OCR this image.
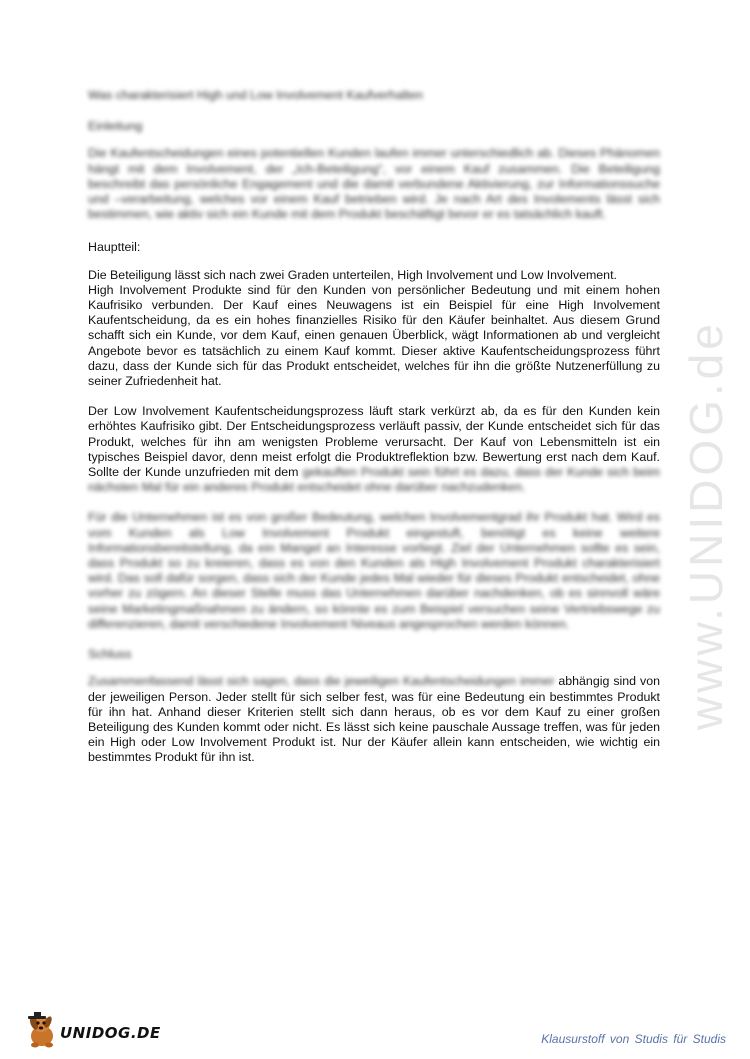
www.UNIDOG.de

Was charakterisiert High und Low Involvement Kaufverhalten

Einleitung

Die Kaufentscheidungen eines potentiellen Kunden laufen immer unterschiedlich ab. Dieses Phänomen hängt mit dem Involvement, der „Ich-Beteiligung“, vor einem Kauf zusammen. Die Beteiligung beschreibt das persönliche Engagement und die damit verbundene Aktivierung, zur Informationssuche und –verarbeitung, welches vor einem Kauf betrieben wird. Je nach Art des Involements lässt sich bestimmen, wie aktiv sich ein Kunde mit dem Produkt beschäftigt bevor er es tatsächlich kauft.

Hauptteil:

Die Beteiligung lässt sich nach zwei Graden unterteilen, High Involvement und Low Involvement.

High Involvement Produkte sind für den Kunden von persönlicher Bedeutung und mit einem hohen Kaufrisiko verbunden. Der Kauf eines Neuwagens ist ein Beispiel für eine High Involvement Kaufentscheidung, da es ein hohes finanzielles Risiko für den Käufer beinhaltet. Aus diesem Grund schafft sich ein Kunde, vor dem Kauf, einen genauen Überblick, wägt Informationen ab und vergleicht Angebote bevor es tatsächlich zu einem Kauf kommt. Dieser aktive Kaufentscheidungsprozess führt dazu, dass der Kunde sich für das Produkt entscheidet, welches für ihn die größte Nutzenerfüllung zu seiner Zufriedenheit hat.

Der Low Involvement Kaufentscheidungsprozess läuft stark verkürzt ab, da es für den Kunden kein erhöhtes Kaufrisiko gibt. Der Entscheidungsprozess verläuft passiv, der Kunde entscheidet sich für das Produkt, welches für ihn am wenigsten Probleme verursacht. Der Kauf von Lebensmitteln ist ein typisches Beispiel davor, denn meist erfolgt die Produktreflektion bzw. Bewertung erst nach dem Kauf. Sollte der Kunde unzufrieden mit dem gekauften Produkt sein führt es dazu, dass der Kunde sich beim nächsten Mal für ein anderes Produkt entscheidet ohne darüber nachzudenken.

Für die Unternehmen ist es von großer Bedeutung, welchen Involvementgrad ihr Produkt hat. Wird es vom Kunden als Low Involvement Produkt eingestuft, benötigt es keine weitere Informationsbereitstellung, da ein Mangel an Interesse vorliegt. Ziel der Unternehmen sollte es sein, dass Produkt so zu kreieren, dass es von den Kunden als High Involvement Produkt charakterisiert wird. Das soll dafür sorgen, dass sich der Kunde jedes Mal wieder für dieses Produkt entscheidet, ohne vorher zu zögern. An dieser Stelle muss das Unternehmen darüber nachdenken, ob es sinnvoll wäre seine Marketingmaßnahmen zu ändern, so könnte es zum Beispiel versuchen seine Vertriebswege zu differenzieren, damit verschiedene Involvement Niveaus angesprochen werden können.

Schluss

Zusammenfassend lässt sich sagen, dass die jeweiligen Kaufentscheidungen immer abhängig sind von der jeweiligen Person. Jeder stellt für sich selber fest, was für eine Bedeutung ein bestimmtes Produkt für ihn hat. Anhand dieser Kriterien stellt sich dann heraus, ob es vor dem Kauf zu einer großen Beteiligung des Kunden kommt oder nicht. Es lässt sich keine pauschale Aussage treffen, was für jeden ein High oder Low Involvement Produkt ist. Nur der Käufer allein kann entscheiden, wie wichtig ein bestimmtes Produkt für ihn ist.

UNIDOG.DE	Klausurstoff von Studis für Studis
